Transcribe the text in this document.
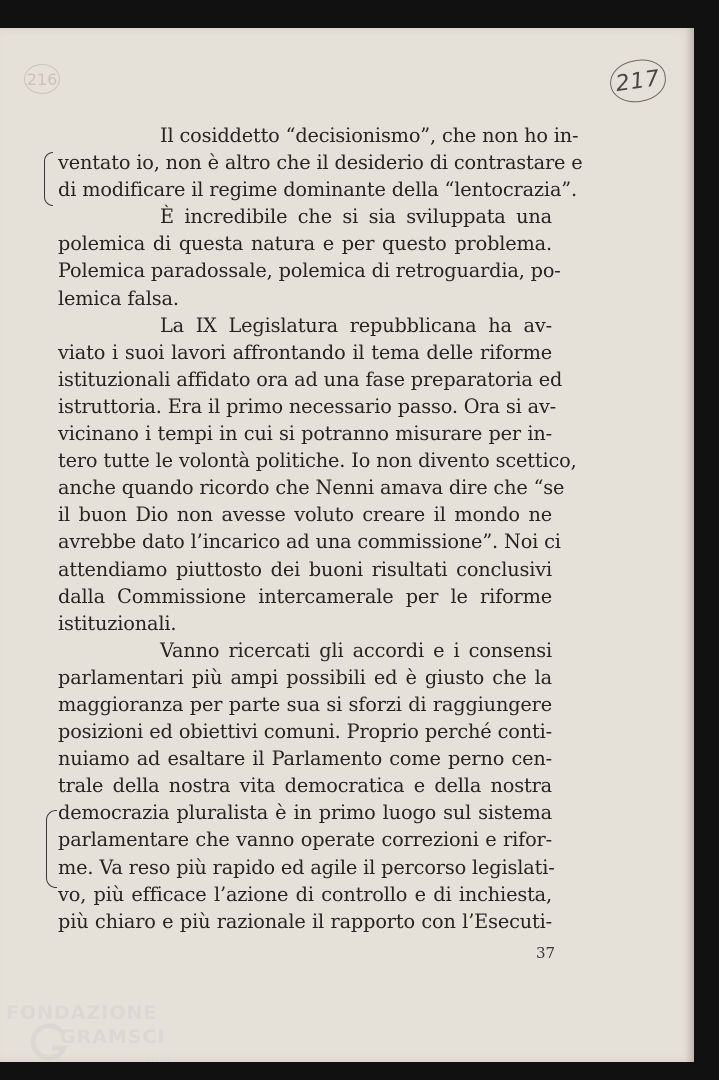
216	217
Il cosiddetto “decisionismo”, che non ho in-
ventato io, non è altro che il desiderio di contrastare e
di modificare il regime dominante della “lentocrazia”.
È incredibile che si sia sviluppata una
polemica di questa natura e per questo problema.
Polemica paradossale, polemica di retroguardia, po-
lemica falsa.
La IX Legislatura repubblicana ha av-
viato i suoi lavori affrontando il tema delle riforme
istituzionali affidato ora ad una fase preparatoria ed
istruttoria. Era il primo necessario passo. Ora si av-
vicinano i tempi in cui si potranno misurare per in-
tero tutte le volontà politiche. Io non divento scettico,
anche quando ricordo che Nenni amava dire che “se
il buon Dio non avesse voluto creare il mondo ne
avrebbe dato l’incarico ad una commissione”. Noi ci
attendiamo piuttosto dei buoni risultati conclusivi
dalla Commissione intercamerale per le riforme
istituzionali.
Vanno ricercati gli accordi e i consensi
parlamentari più ampi possibili ed è giusto che la
maggioranza per parte sua si sforzi di raggiungere
posizioni ed obiettivi comuni. Proprio perché conti-
nuiamo ad esaltare il Parlamento come perno cen-
trale della nostra vita democratica e della nostra
democrazia pluralista è in primo luogo sul sistema
parlamentare che vanno operate correzioni e rifor-
me. Va reso più rapido ed agile il percorso legislati-
vo, più efficace l’azione di controllo e di inchiesta,
più chiaro e più razionale il rapporto con l’Esecuti-
37
FONDAZIONE
GRAMSCI
onlus
